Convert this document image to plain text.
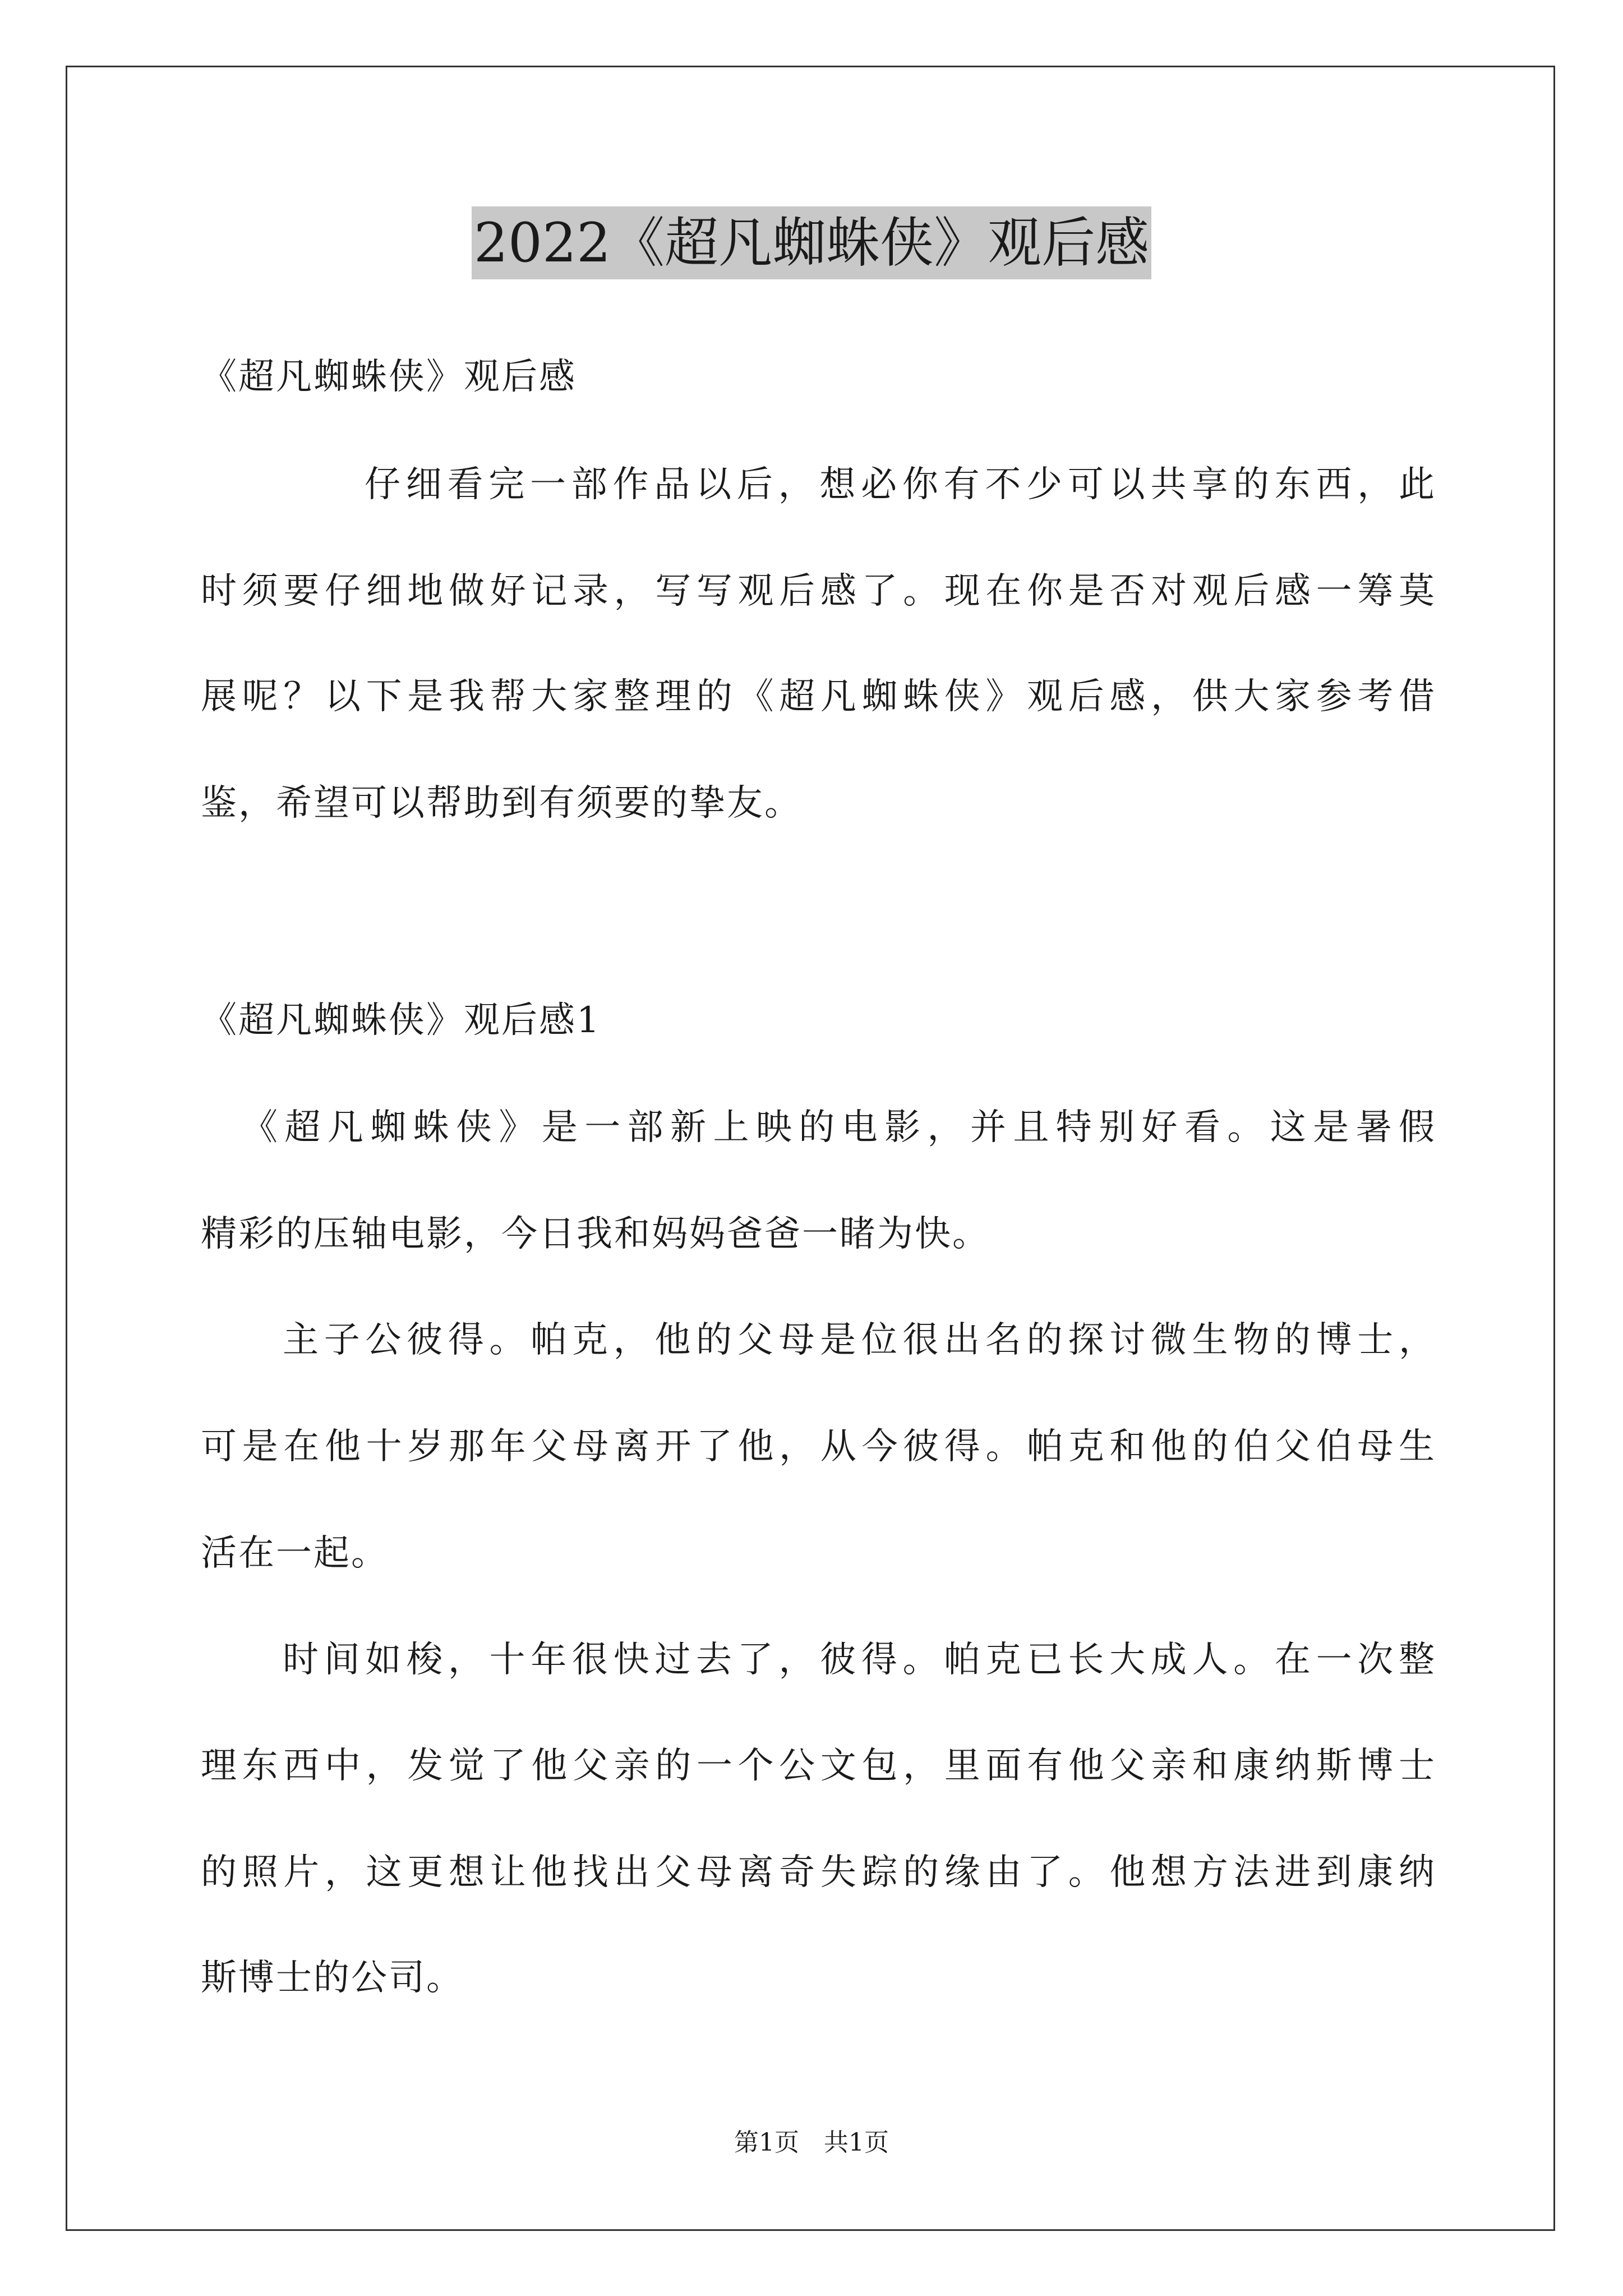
2022《超凡蜘蛛侠》观后感
《超凡蜘蛛侠》观后感
仔细看完一部作品以后，想必你有不少可以共享的东西，此
时须要仔细地做好记录，写写观后感了。现在你是否对观后感一筹莫
展呢？以下是我帮大家整理的《超凡蜘蛛侠》观后感，供大家参考借
鉴，希望可以帮助到有须要的挚友。
《超凡蜘蛛侠》观后感1
《超凡蜘蛛侠》是一部新上映的电影，并且特别好看。这是暑假
精彩的压轴电影，今日我和妈妈爸爸一睹为快。
主子公彼得。帕克，他的父母是位很出名的探讨微生物的博士，
可是在他十岁那年父母离开了他，从今彼得。帕克和他的伯父伯母生
活在一起。
时间如梭，十年很快过去了，彼得。帕克已长大成人。在一次整
理东西中，发觉了他父亲的一个公文包，里面有他父亲和康纳斯博士
的照片，这更想让他找出父母离奇失踪的缘由了。他想方法进到康纳
斯博士的公司。
第1页　共1页
